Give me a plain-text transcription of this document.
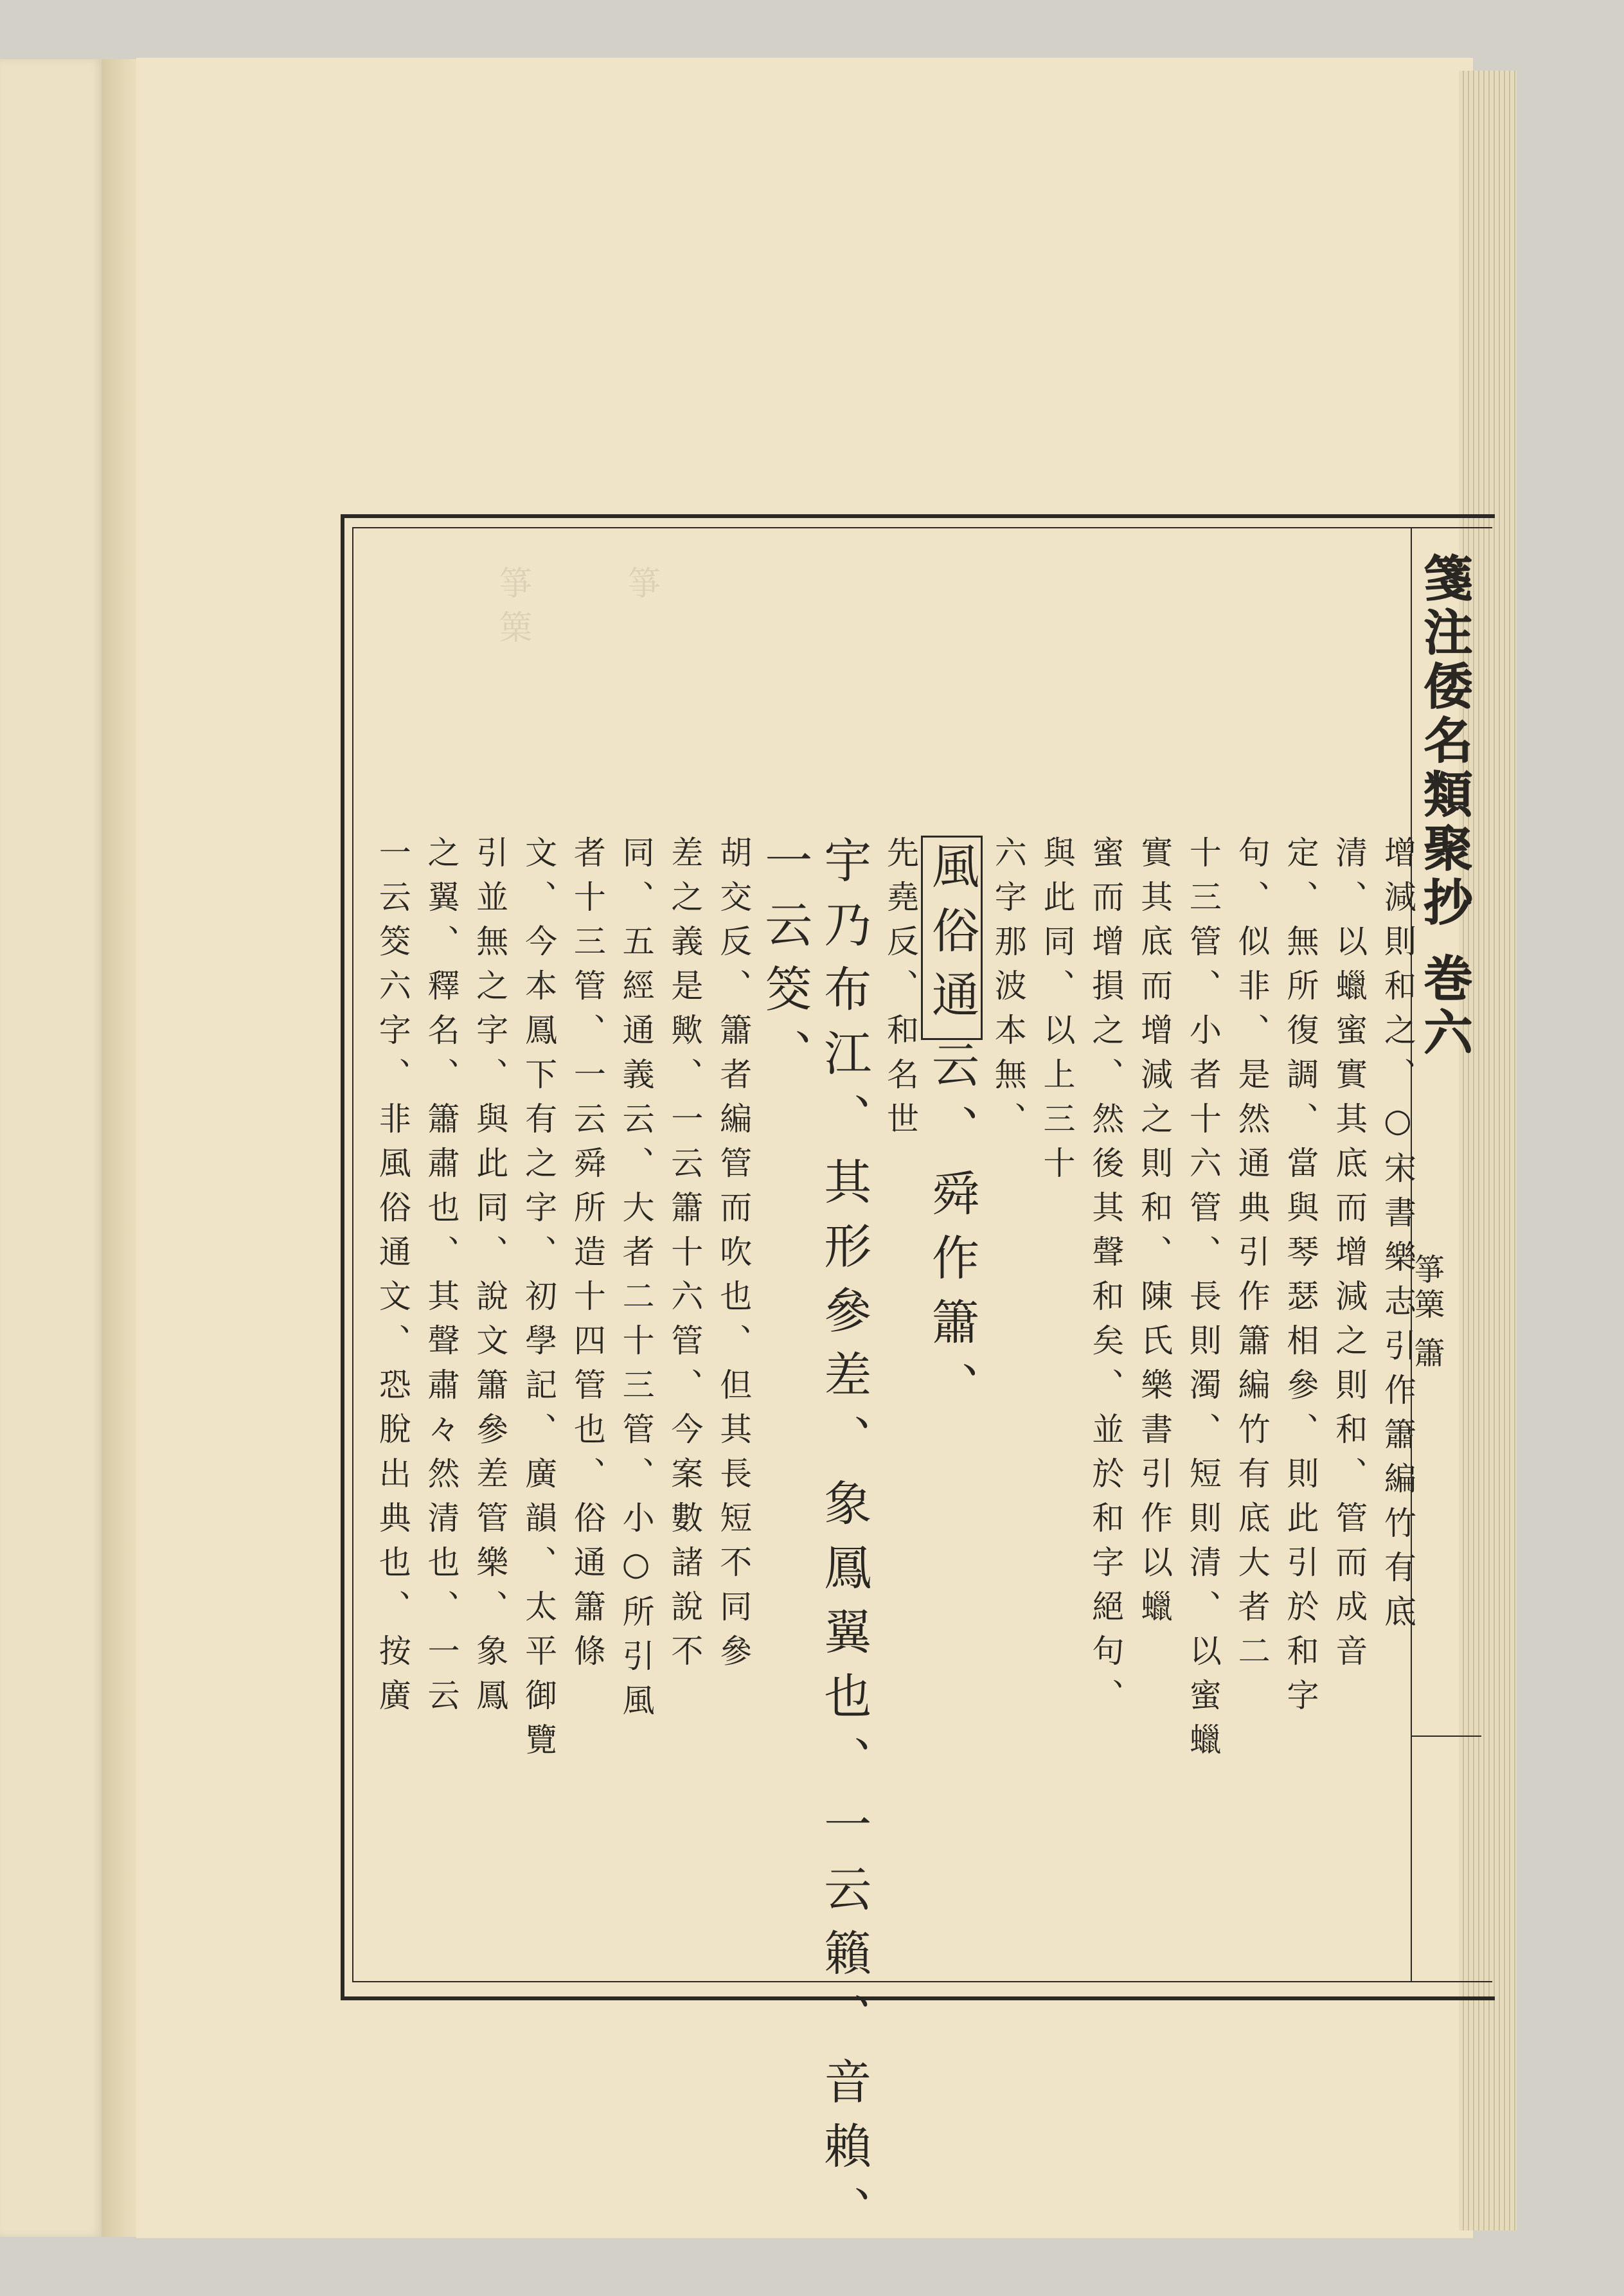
箏 篥	箏	箋注倭名類聚抄 巻六
箏篥 簫
增減則和之、○宋書樂志引作簫編竹有底
清、以蠟蜜實其底而增減之則和、管而成音
定、無所復調、當與琴瑟相參、則此引於和字
句、似非、是然通典引作簫編竹有底大者二
十三管、小者十六管、長則濁、短則清、以蜜蠟
實其底而增減之則和、陳氏樂書引作以蠟
蜜而增損之、然後其聲和矣、並於和字絕句、
與此同、以上三十
六字那波本無、
風俗通云、舜作簫、
先堯反、和名世
宇乃布江、其形參差、象鳳翼也、一云籟、音賴、
一云筊、
胡交反、簫者編管而吹也、但其長短不同參
差之義是歟、一云簫十六管、今案數諸說不
同、五經通義云、大者二十三管、小○所引風
者十三管、一云舜所造十四管也、俗通簫條
文、今本鳳下有之字、初學記、廣韻、太平御覽
引並無之字、與此同、說文簫參差管樂、象鳳
之翼、釋名、簫肅也、其聲肅々然清也、一云
一云筊六字、非風俗通文、恐脫出典也、按廣
